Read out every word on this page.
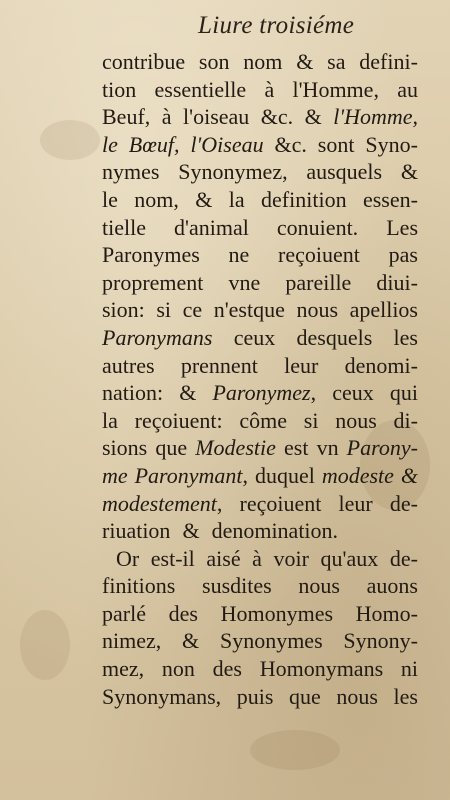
Liure troisiéme
contribue son nom & sa defini-
tion essentielle à l'Homme, au
Beuf, à l'oiseau &c. & l'Homme,
le Bœuf, l'Oiseau &c. sont Syno-
nymes Synonymez, ausquels &
le nom, & la definition essen-
tielle d'animal conuient. Les
Paronymes ne reçoiuent pas
proprement vne pareille diui-
sion: si ce n'estque nous apellios
Paronymans ceux desquels les
autres prennent leur denomi-
nation: & Paronymez, ceux qui
la reçoiuent: côme si nous di-
sions que Modestie est vn Parony-
me Paronymant, duquel modeste &
modestement, reçoiuent leur de-
riuation & denomination.
Or est-il aisé à voir qu'aux de-
finitions susdites nous auons
parlé des Homonymes Homo-
nimez, & Synonymes Synony-
mez, non des Homonymans ni
Synonymans, puis que nous les
